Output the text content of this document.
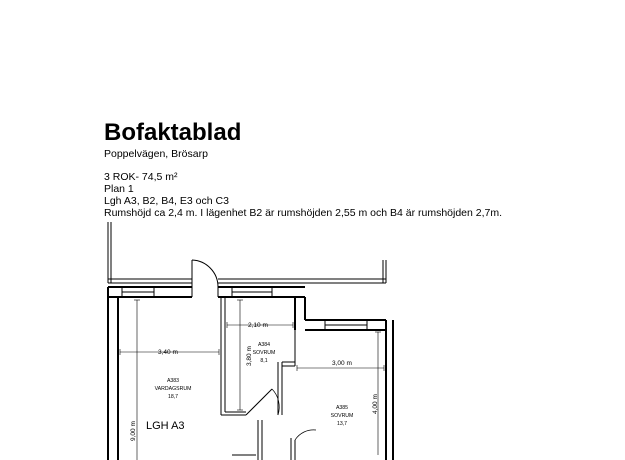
Bofaktablad
Poppelvägen, Brösarp
3 ROK- 74,5 m²
Plan 1
Lgh A3, B2, B4, E3 och C3
Rumshöjd ca 2,4 m. I lägenhet B2 är rumshöjden 2,55 m och B4 är rumshöjden 2,7m.
3,40 m
9,00 m
2,10 m
3,80 m	3,00 m
4,00 m
A383
VARDAGSRUM
18,7
A384
SOVRUM
8,1
A385
SOVRUM
13,7
LGH A3
